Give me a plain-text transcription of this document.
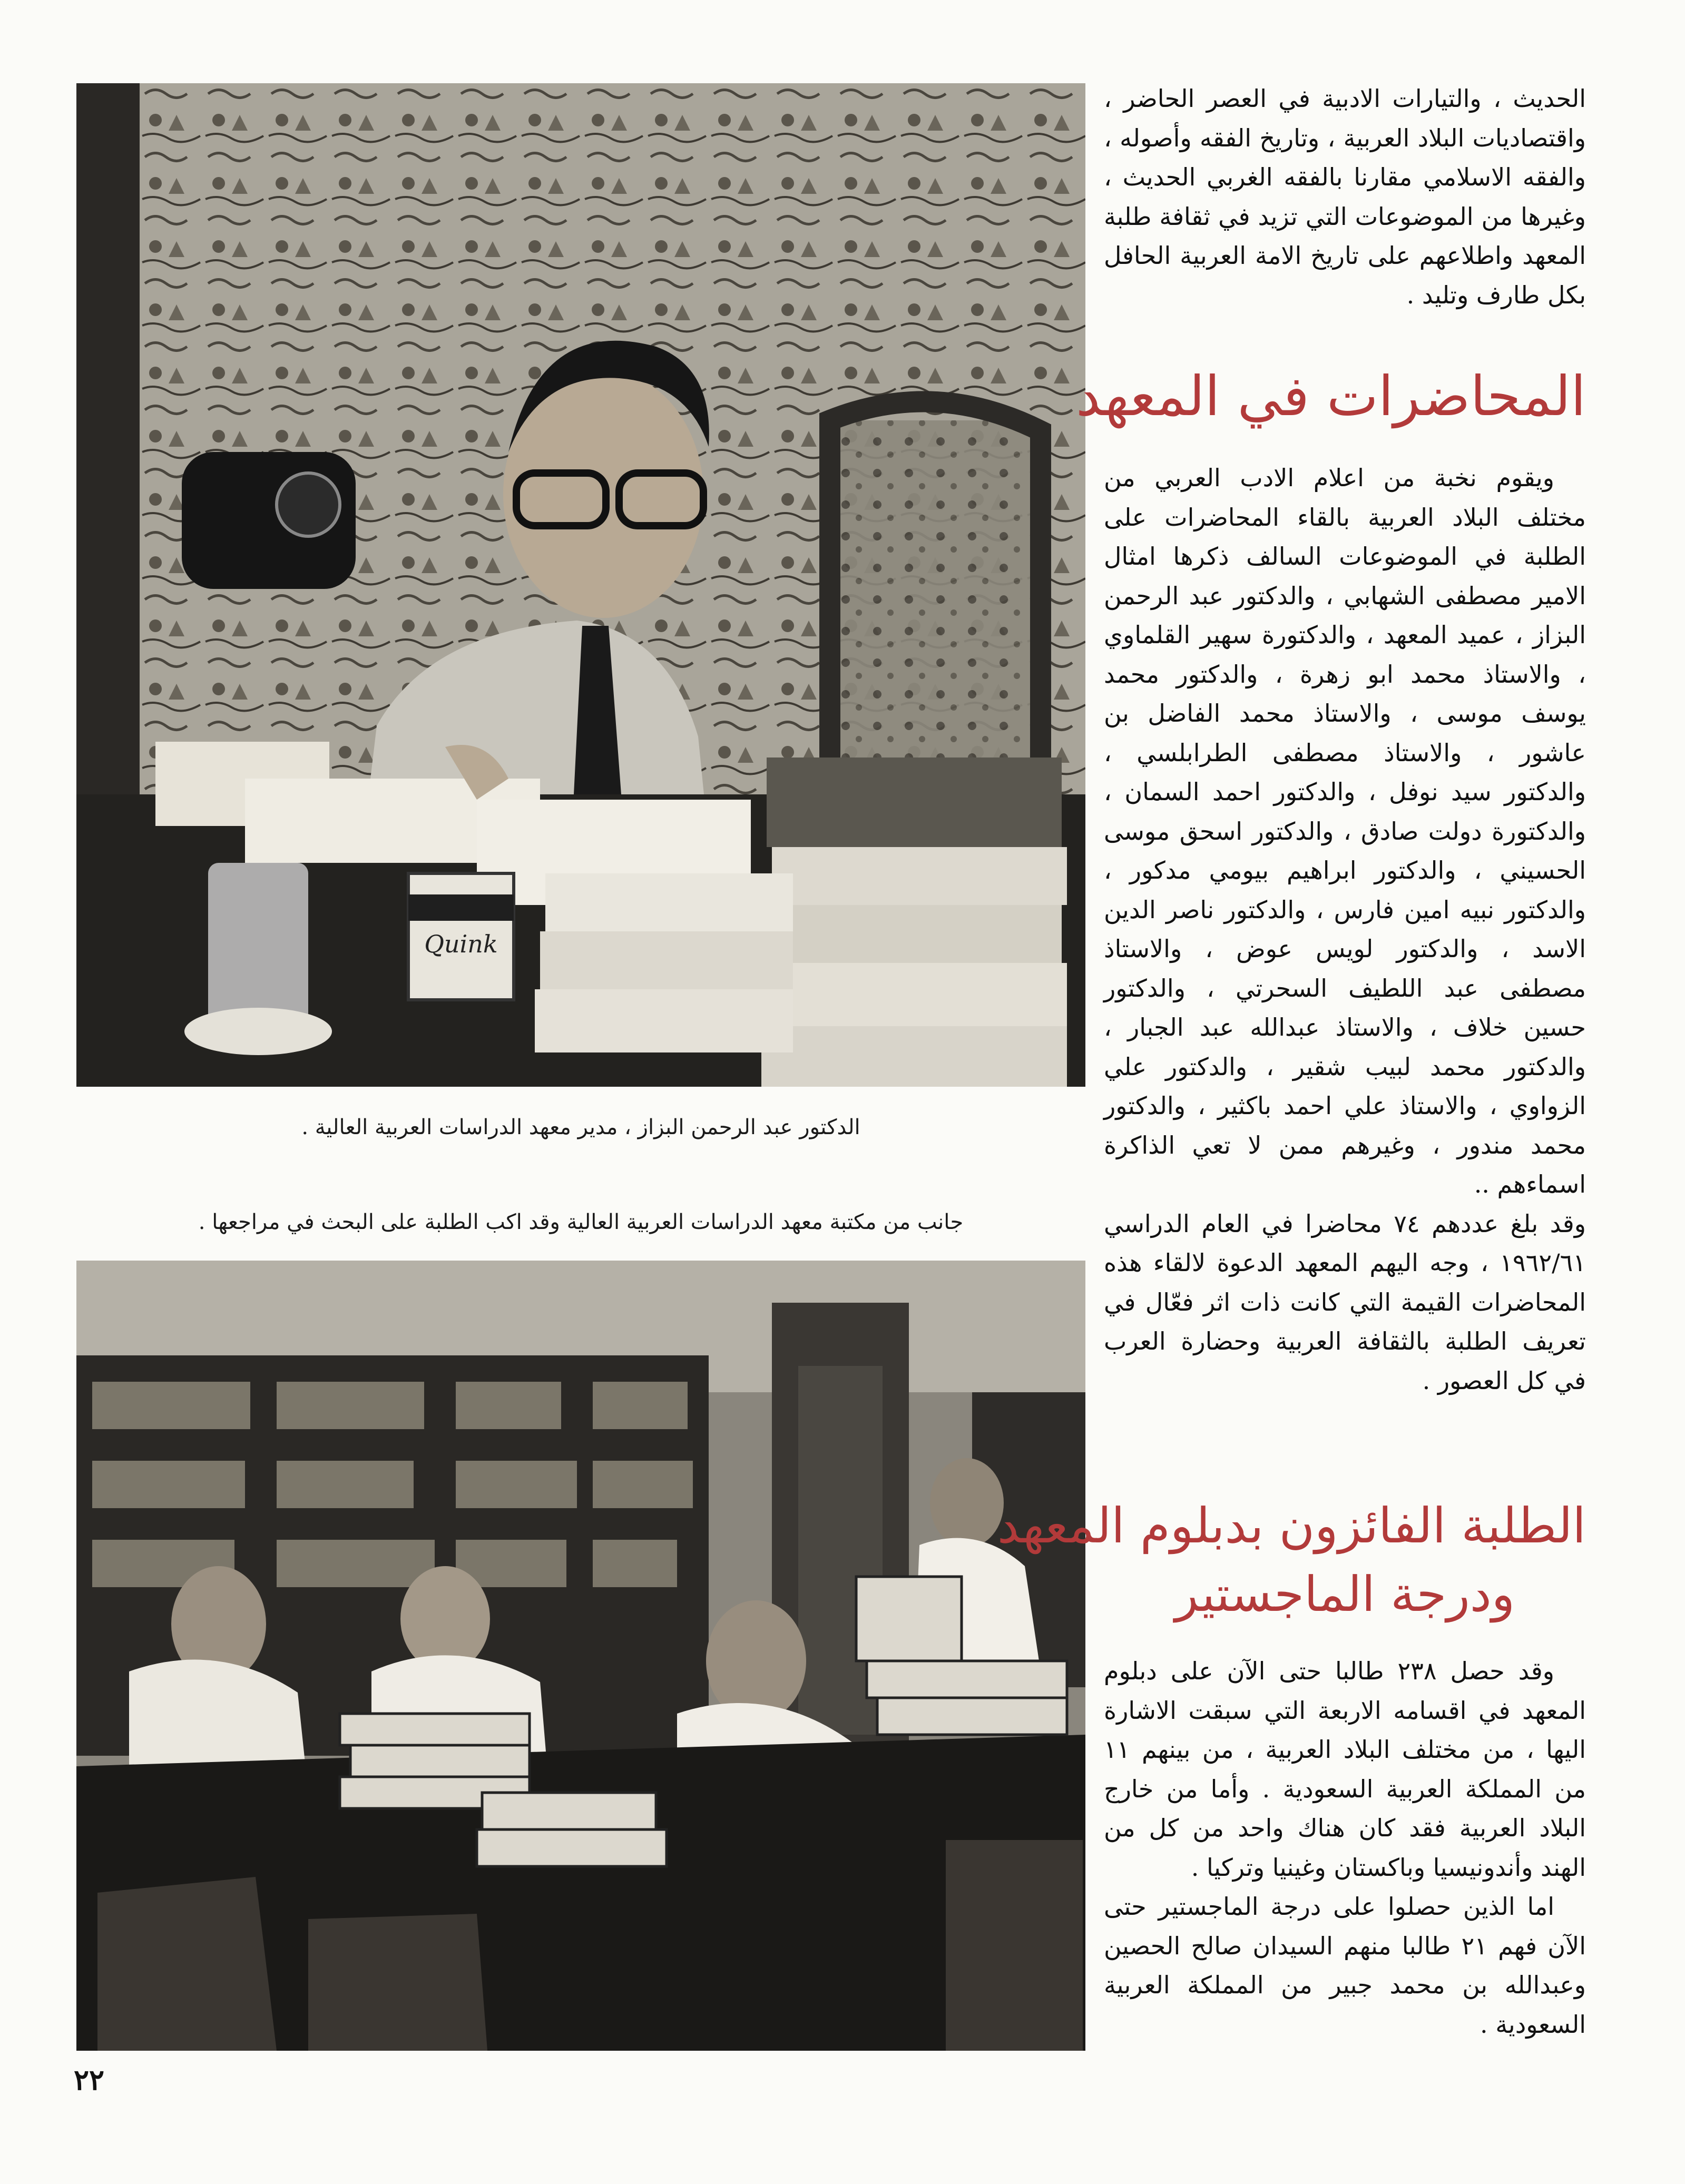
Quink
الدكتور عبد الرحمن البزاز ، مدير معهد الدراسات العربية العالية .
جانب من مكتبة معهد الدراسات العربية العالية وقد اكب الطلبة على البحث في مراجعها .

الحديث ، والتيارات الادبية في العصر الحاضر ، واقتصاديات البلاد العربية ، وتاريخ الفقه وأصوله ، والفقه الاسلامي مقارنا بالفقه الغربي الحديث ، وغيرها من الموضوعات التي تزيد في ثقافة طلبة المعهد واطلاعهم على تاريخ الامة العربية الحافل بكل طارف وتليد .

المحاضرات في المعهد

ويقوم نخبة من اعلام الادب العربي من مختلف البلاد العربية بالقاء المحاضرات على الطلبة في الموضوعات السالف ذكرها امثال الامير مصطفى الشهابي ، والدكتور عبد الرحمن البزاز ، عميد المعهد ، والدكتورة سهير القلماوي ، والاستاذ محمد ابو زهرة ، والدكتور محمد يوسف موسى ، والاستاذ محمد الفاضل بن عاشور ، والاستاذ مصطفى الطرابلسي ، والدكتور سيد نوفل ، والدكتور احمد السمان ، والدكتورة دولت صادق ، والدكتور اسحق موسى الحسيني ، والدكتور ابراهيم بيومي مدكور ، والدكتور نبيه امين فارس ، والدكتور ناصر الدين الاسد ، والدكتور لويس عوض ، والاستاذ مصطفى عبد اللطيف السحرتي ، والدكتور حسين خلاف ، والاستاذ عبدالله عبد الجبار ، والدكتور محمد لبيب شقير ، والدكتور علي الزواوي ، والاستاذ علي احمد باكثير ، والدكتور محمد مندور ، وغيرهم ممن لا تعي الذاكرة اسماءهم ..

وقد بلغ عددهم ٧٤ محاضرا في العام الدراسي ١٩٦٢/٦١ ، وجه اليهم المعهد الدعوة لالقاء هذه المحاضرات القيمة التي كانت ذات اثر فعّال في تعريف الطلبة بالثقافة العربية وحضارة العرب في كل العصور .

الطلبة الفائزون بدبلوم المعهد
ودرجة الماجستير

وقد حصل ٢٣٨ طالبا حتى الآن على دبلوم المعهد في اقسامه الاربعة التي سبقت الاشارة اليها ، من مختلف البلاد العربية ، من بينهم ١١ من المملكة العربية السعودية . وأما من خارج البلاد العربية فقد كان هناك واحد من كل من الهند وأندونيسيا وباكستان وغينيا وتركيا .

اما الذين حصلوا على درجة الماجستير حتى الآن فهم ٢١ طالبا منهم السيدان صالح الحصين وعبدالله بن محمد جبير من المملكة العربية السعودية .

٢٢
